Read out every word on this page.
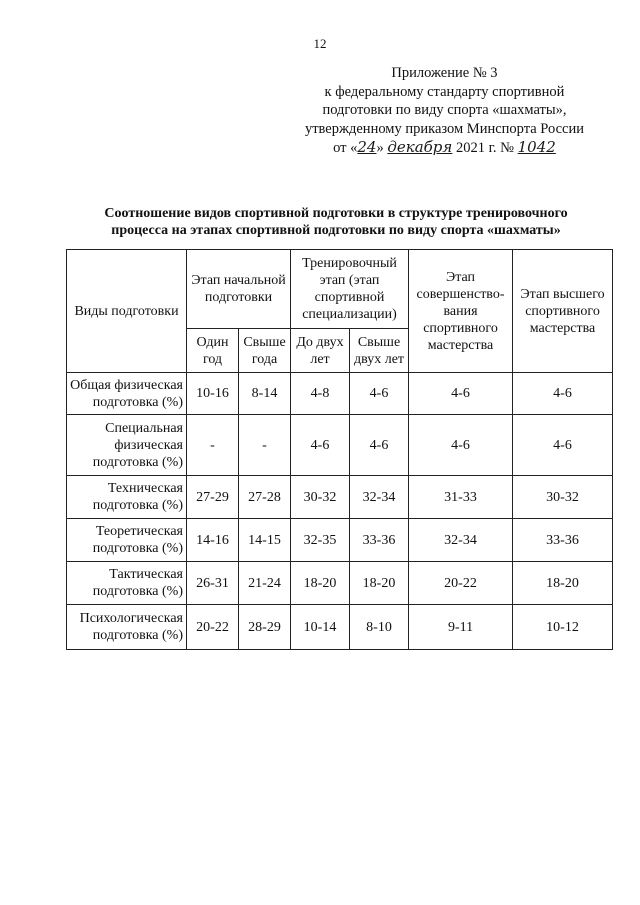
12
Приложение № 3
к федеральному стандарту спортивной
подготовки по виду спорта «шахматы»,
утвержденному приказом Минспорта России
от «24» декабря 2021 г. № 1042
Соотношение видов спортивной подготовки в структуре тренировочного
процесса на этапах спортивной подготовки по виду спорта «шахматы»
Виды подготовки	Этап начальной подготовки		Тренировочный этап (этап спортивной специализации)		Этап совершенство-вания спортивного мастерства	Этап высшего спортивного мастерства
	Один год	Свыше года	До двух лет	Свыше двух лет		
Общая физическая подготовка (%)	10-16	8-14	4-8	4-6	4-6	4-6
Специальная физическая подготовка (%)	-	-	4-6	4-6	4-6	4-6
Техническая подготовка (%)	27-29	27-28	30-32	32-34	31-33	30-32
Теоретическая подготовка (%)	14-16	14-15	32-35	33-36	32-34	33-36
Тактическая подготовка (%)	26-31	21-24	18-20	18-20	20-22	18-20
Психологическая подготовка (%)	20-22	28-29	10-14	8-10	9-11	10-12
